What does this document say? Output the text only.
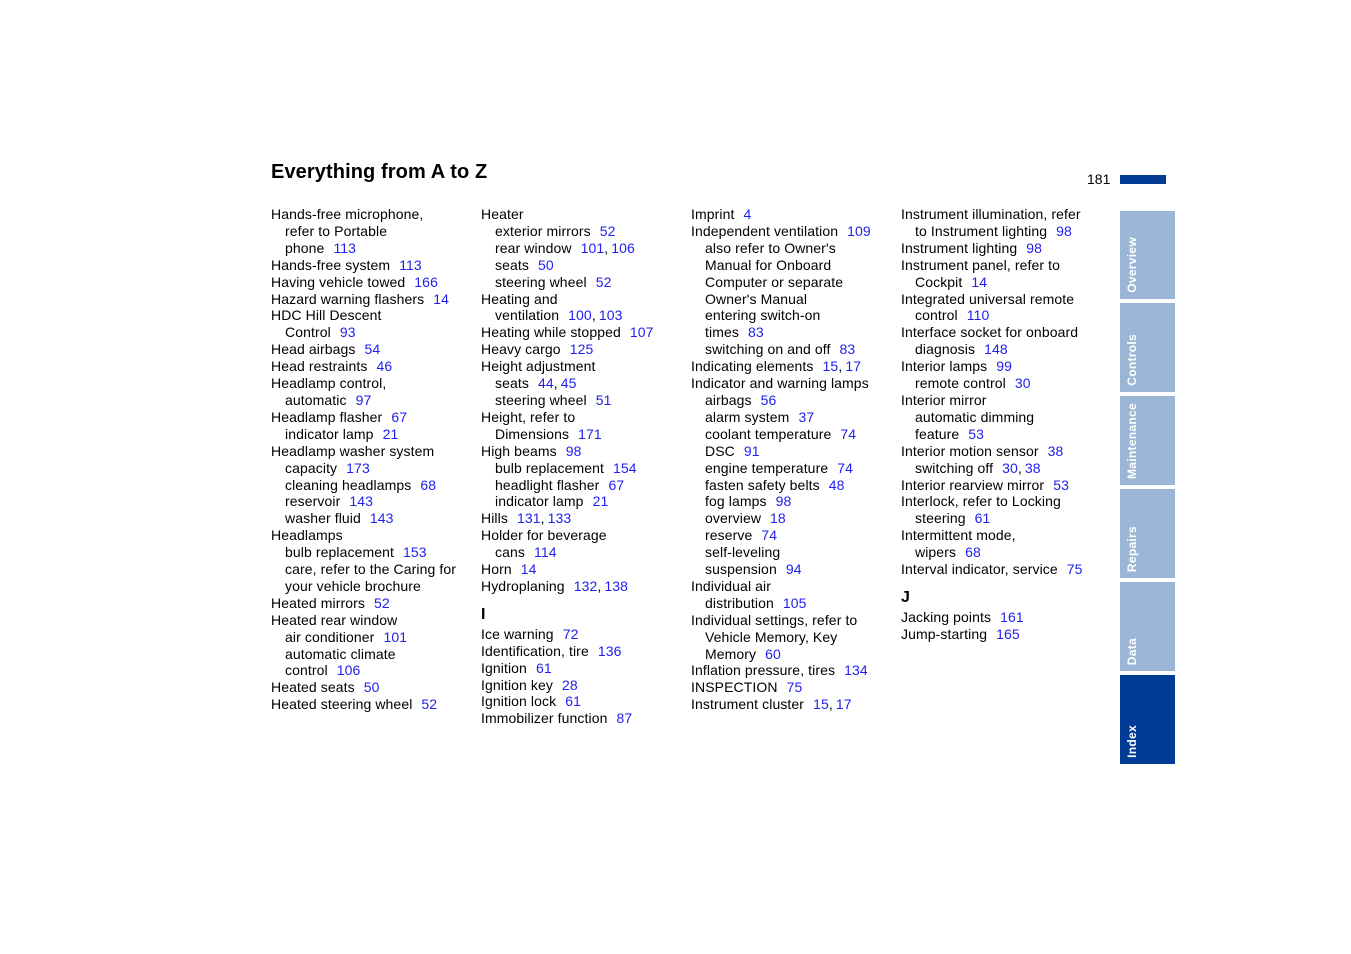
Everything from A to Z	181
Hands-free microphone,
refer to Portable
phone 113
Hands-free system 113
Having vehicle towed 166
Hazard warning flashers 14
HDC Hill Descent
Control 93
Head airbags 54
Head restraints 46
Headlamp control,
automatic 97
Headlamp flasher 67
indicator lamp 21
Headlamp washer system
capacity 173
cleaning headlamps 68
reservoir 143
washer fluid 143
Headlamps
bulb replacement 153
care, refer to the Caring for
your vehicle brochure
Heated mirrors 52
Heated rear window
air conditioner 101
automatic climate
control 106
Heated seats 50
Heated steering wheel 52
Heater
exterior mirrors 52
rear window 101, 106
seats 50
steering wheel 52
Heating and
ventilation 100, 103
Heating while stopped 107
Heavy cargo 125
Height adjustment
seats 44, 45
steering wheel 51
Height, refer to
Dimensions 171
High beams 98
bulb replacement 154
headlight flasher 67
indicator lamp 21
Hills 131, 133
Holder for beverage
cans 114
Horn 14
Hydroplaning 132, 138
I
Ice warning 72
Identification, tire 136
Ignition 61
Ignition key 28
Ignition lock 61
Immobilizer function 87
Imprint 4
Independent ventilation 109
also refer to Owner's
Manual for Onboard
Computer or separate
Owner's Manual
entering switch-on
times 83
switching on and off 83
Indicating elements 15, 17
Indicator and warning lamps
airbags 56
alarm system 37
coolant temperature 74
DSC 91
engine temperature 74
fasten safety belts 48
fog lamps 98
overview 18
reserve 74
self-leveling
suspension 94
Individual air
distribution 105
Individual settings, refer to
Vehicle Memory, Key
Memory 60
Inflation pressure, tires 134
INSPECTION 75
Instrument cluster 15, 17
Instrument illumination, refer
to Instrument lighting 98
Instrument lighting 98
Instrument panel, refer to
Cockpit 14
Integrated universal remote
control 110
Interface socket for onboard
diagnosis 148
Interior lamps 99
remote control 30
Interior mirror
automatic dimming
feature 53
Interior motion sensor 38
switching off 30, 38
Interior rearview mirror 53
Interlock, refer to Locking
steering 61
Intermittent mode,
wipers 68
Interval indicator, service 75
J
Jacking points 161
Jump-starting 165
Overview
Controls
Maintenance
Repairs
Data
Index
